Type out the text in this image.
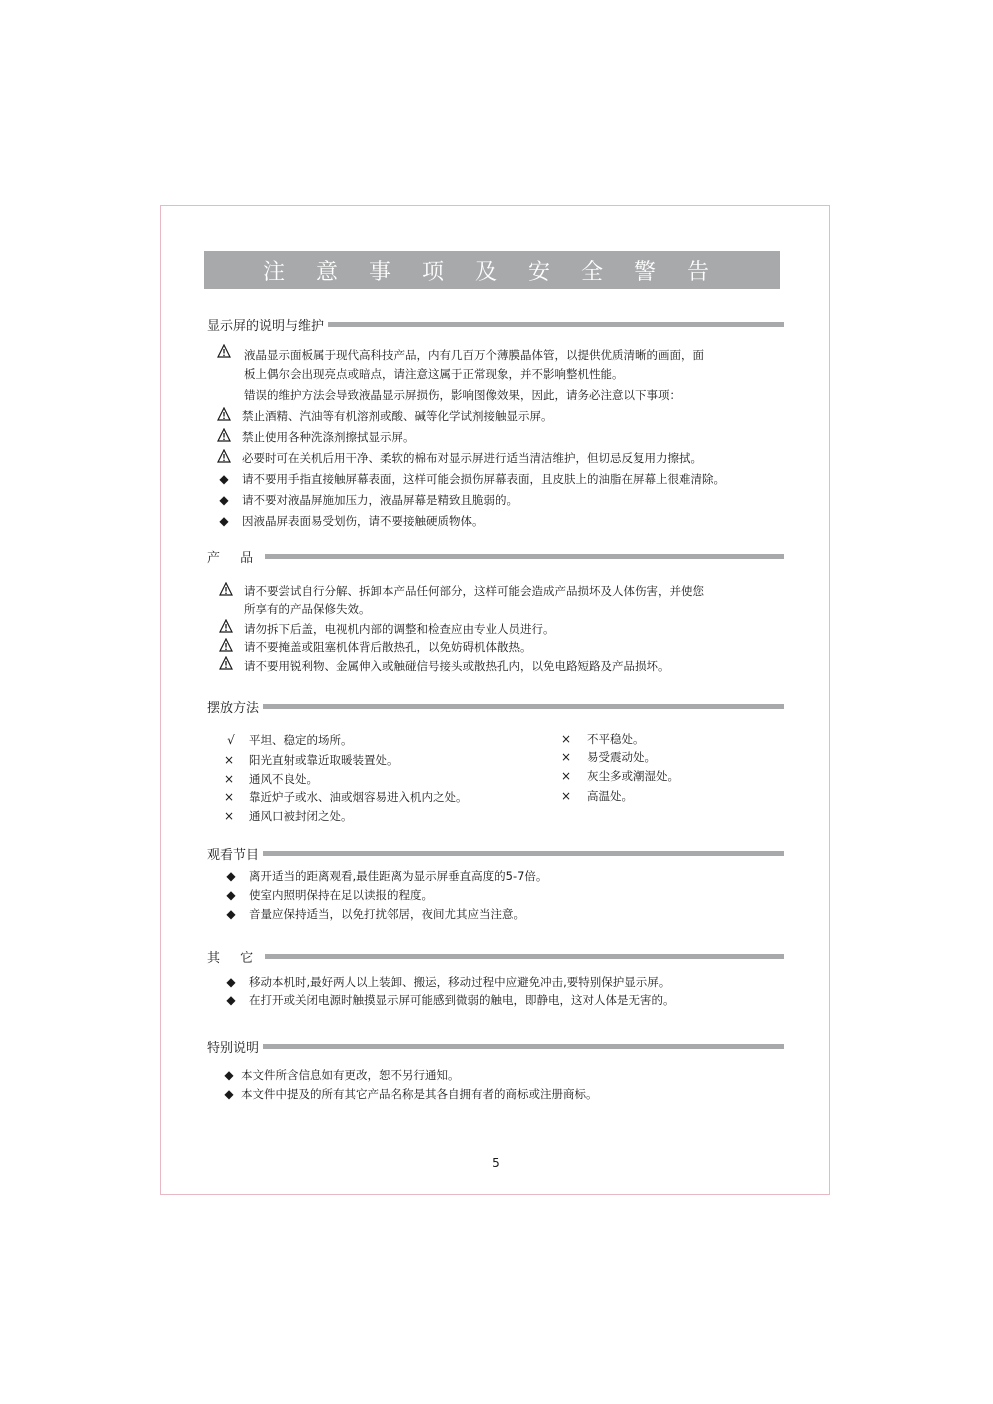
注 意 事 项 及 安 全 警 告
显示屏的说明与维护
液晶显示面板属于现代高科技产品，内有几百万个薄膜晶体管，以提供优质清晰的画面，面
板上偶尔会出现亮点或暗点，请注意这属于正常现象，并不影响整机性能。
错误的维护方法会导致液晶显示屏损伤，影响图像效果，因此，请务必注意以下事项：
禁止酒精、汽油等有机溶剂或酸、碱等化学试剂接触显示屏。
禁止使用各种洗涤剂擦拭显示屏。
必要时可在关机后用干净、柔软的棉布对显示屏进行适当清洁维护，但切忌反复用力擦拭。
◆ 请不要用手指直接触屏幕表面，这样可能会损伤屏幕表面，且皮肤上的油脂在屏幕上很难清除。
◆ 请不要对液晶屏施加压力，液晶屏幕是精致且脆弱的。
◆ 因液晶屏表面易受划伤，请不要接触硬质物体。
产 品
请不要尝试自行分解、拆卸本产品任何部分，这样可能会造成产品损坏及人体伤害，并使您
所享有的产品保修失效。
请勿拆下后盖，电视机内部的调整和检查应由专业人员进行。
请不要掩盖或阻塞机体背后散热孔，以免妨碍机体散热。
请不要用锐利物、金属伸入或触碰信号接头或散热孔内，以免电路短路及产品损坏。
摆放方法
√ 平坦、稳定的场所。
× 阳光直射或靠近取暖装置处。
× 通风不良处。
× 靠近炉子或水、油或烟容易进入机内之处。
× 通风口被封闭之处。
× 不平稳处。
× 易受震动处。
× 灰尘多或潮湿处。
× 高温处。
观看节目
◆ 离开适当的距离观看,最佳距离为显示屏垂直高度的5-7倍。
◆ 使室内照明保持在足以读报的程度。
◆ 音量应保持适当，以免打扰邻居，夜间尤其应当注意。
其 它
◆ 移动本机时,最好两人以上装卸、搬运，移动过程中应避免冲击,要特别保护显示屏。
◆ 在打开或关闭电源时触摸显示屏可能感到微弱的触电，即静电，这对人体是无害的。
特别说明
◆ 本文件所含信息如有更改，恕不另行通知。
◆ 本文件中提及的所有其它产品名称是其各自拥有者的商标或注册商标。
5
